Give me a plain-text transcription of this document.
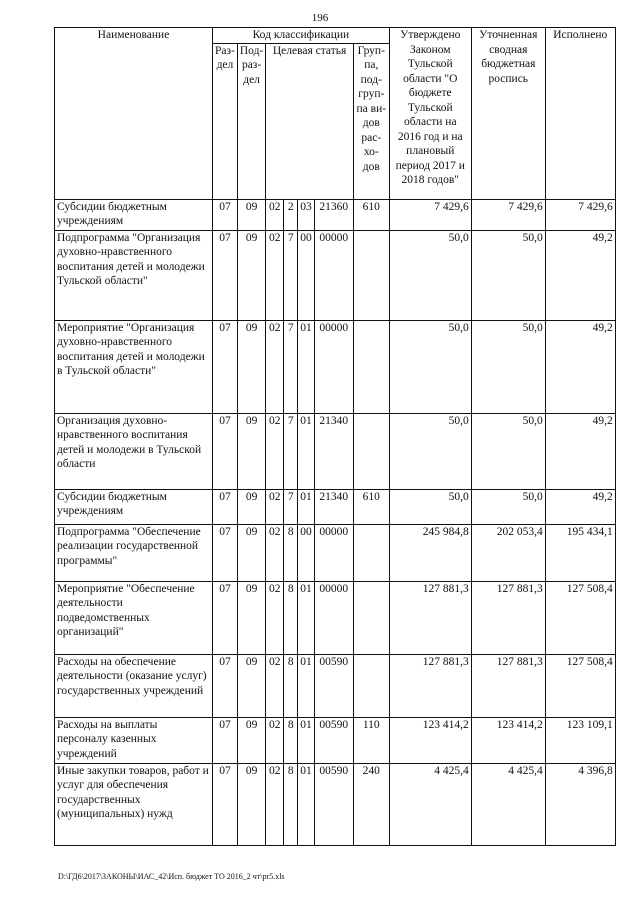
196
Наименование	Код классификации							Утверждено Законом Тульской области "О бюджете Тульской области на 2016 год и на плановый период 2017 и 2018 годов"	Уточненная сводная бюджетная роспись	Исполнено
	Раз-дел	Под-раз-дел	Целевая статья				Груп-па, под-груп-па ви-дов рас-хо-дов			
Субсидии бюджетным учреждениям	07	09	02	2	03	21360	610	7 429,6	7 429,6	7 429,6
Подпрограмма "Организация духовно-нравственного воспитания детей и молодежи Тульской области"	07	09	02	7	00	00000		50,0	50,0	49,2
Мероприятие "Организация духовно-нравственного воспитания детей и молодежи в Тульской области"	07	09	02	7	01	00000		50,0	50,0	49,2
Организация духовно-нравственного воспитания детей и молодежи в Тульской области	07	09	02	7	01	21340		50,0	50,0	49,2
Субсидии бюджетным учреждениям	07	09	02	7	01	21340	610	50,0	50,0	49,2
Подпрограмма "Обеспечение реализации государственной программы"	07	09	02	8	00	00000		245 984,8	202 053,4	195 434,1
Мероприятие "Обеспечение деятельности подведомственных организаций"	07	09	02	8	01	00000		127 881,3	127 881,3	127 508,4
Расходы на обеспечение деятельности (оказание услуг) государственных учреждений	07	09	02	8	01	00590		127 881,3	127 881,3	127 508,4
Расходы на выплаты персоналу казенных учреждений	07	09	02	8	01	00590	110	123 414,2	123 414,2	123 109,1
Иные закупки товаров, работ и услуг для обеспечения государственных (муниципальных) нужд	07	09	02	8	01	00590	240	4 425,4	4 425,4	4 396,8
D:\ГД6\2017\ЗАКОНЫ\ИАС_42\Исп. бюджет ТО 2016_2 чт\pr5.xls
